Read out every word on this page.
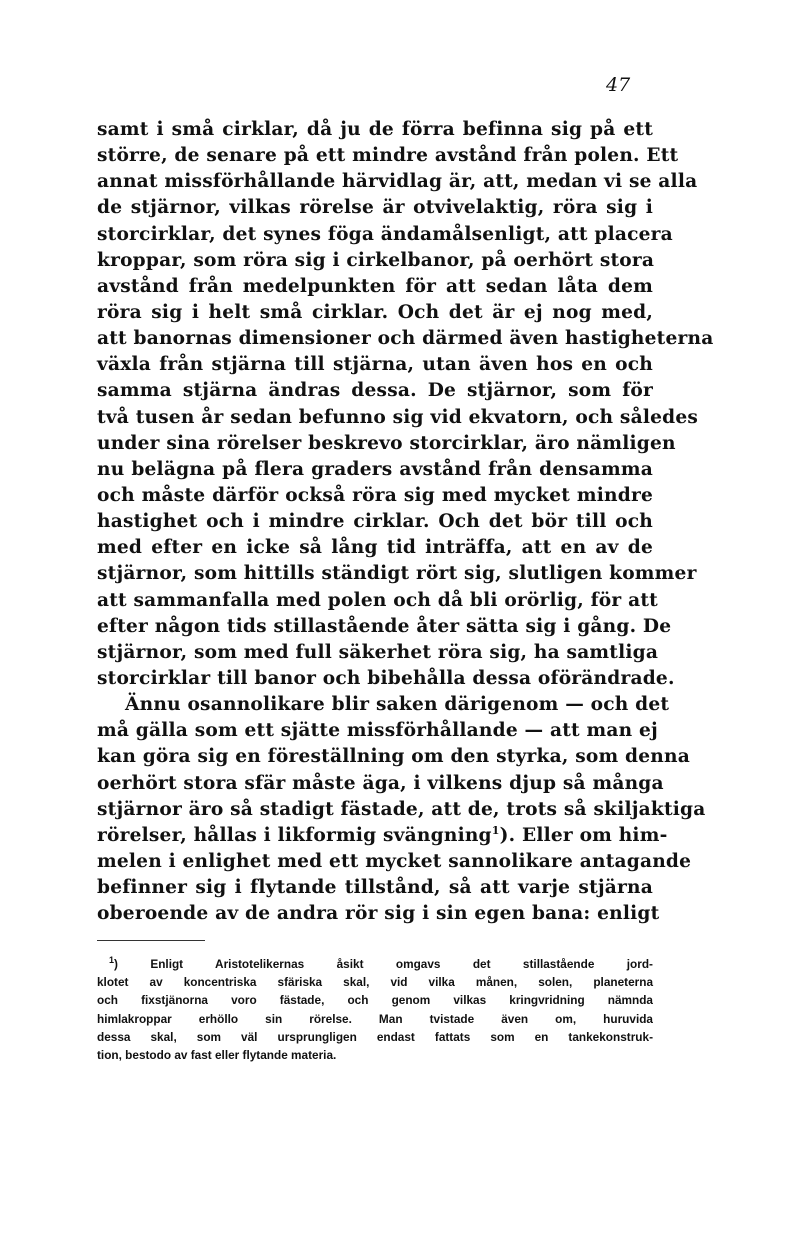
47
samt i små cirklar, då ju de förra befinna sig på ett
större, de senare på ett mindre avstånd från polen. Ett
annat missförhållande härvidlag är, att, medan vi se alla
de stjärnor, vilkas rörelse är otvivelaktig, röra sig i
storcirklar, det synes föga ändamålsenligt, att placera
kroppar, som röra sig i cirkelbanor, på oerhört stora
avstånd från medelpunkten för att sedan låta dem
röra sig i helt små cirklar. Och det är ej nog med,
att banornas dimensioner och därmed även hastigheterna
växla från stjärna till stjärna, utan även hos en och
samma stjärna ändras dessa. De stjärnor, som för
två tusen år sedan befunno sig vid ekvatorn, och således
under sina rörelser beskrevo storcirklar, äro nämligen
nu belägna på flera graders avstånd från densamma
och måste därför också röra sig med mycket mindre
hastighet och i mindre cirklar. Och det bör till och
med efter en icke så lång tid inträffa, att en av de
stjärnor, som hittills ständigt rört sig, slutligen kommer
att sammanfalla med polen och då bli orörlig, för att
efter någon tids stillastående åter sätta sig i gång. De
stjärnor, som med full säkerhet röra sig, ha samtliga
storcirklar till banor och bibehålla dessa oförändrade.
Ännu osannolikare blir saken därigenom — och det
må gälla som ett sjätte missförhållande — att man ej
kan göra sig en föreställning om den styrka, som denna
oerhört stora sfär måste äga, i vilkens djup så många
stjärnor äro så stadigt fästade, att de, trots så skiljaktiga
rörelser, hållas i likformig svängning$^1$). Eller om him-
melen i enlighet med ett mycket sannolikare antagande
befinner sig i flytande tillstånd, så att varje stjärna
oberoende av de andra rör sig i sin egen bana: enligt
$^1$)	Enligt Aristotelikernas åsikt omgavs det stillastående jord-
klotet av koncentriska sfäriska skal, vid vilka månen, solen, planeterna
och fixstjänorna voro fästade, och genom vilkas kringvridning nämnda
himlakroppar erhöllo sin rörelse. Man tvistade även om, huruvida
dessa skal, som väl ursprungligen endast fattats som en tankekonstruk-
tion, bestodo av fast eller flytande materia.
